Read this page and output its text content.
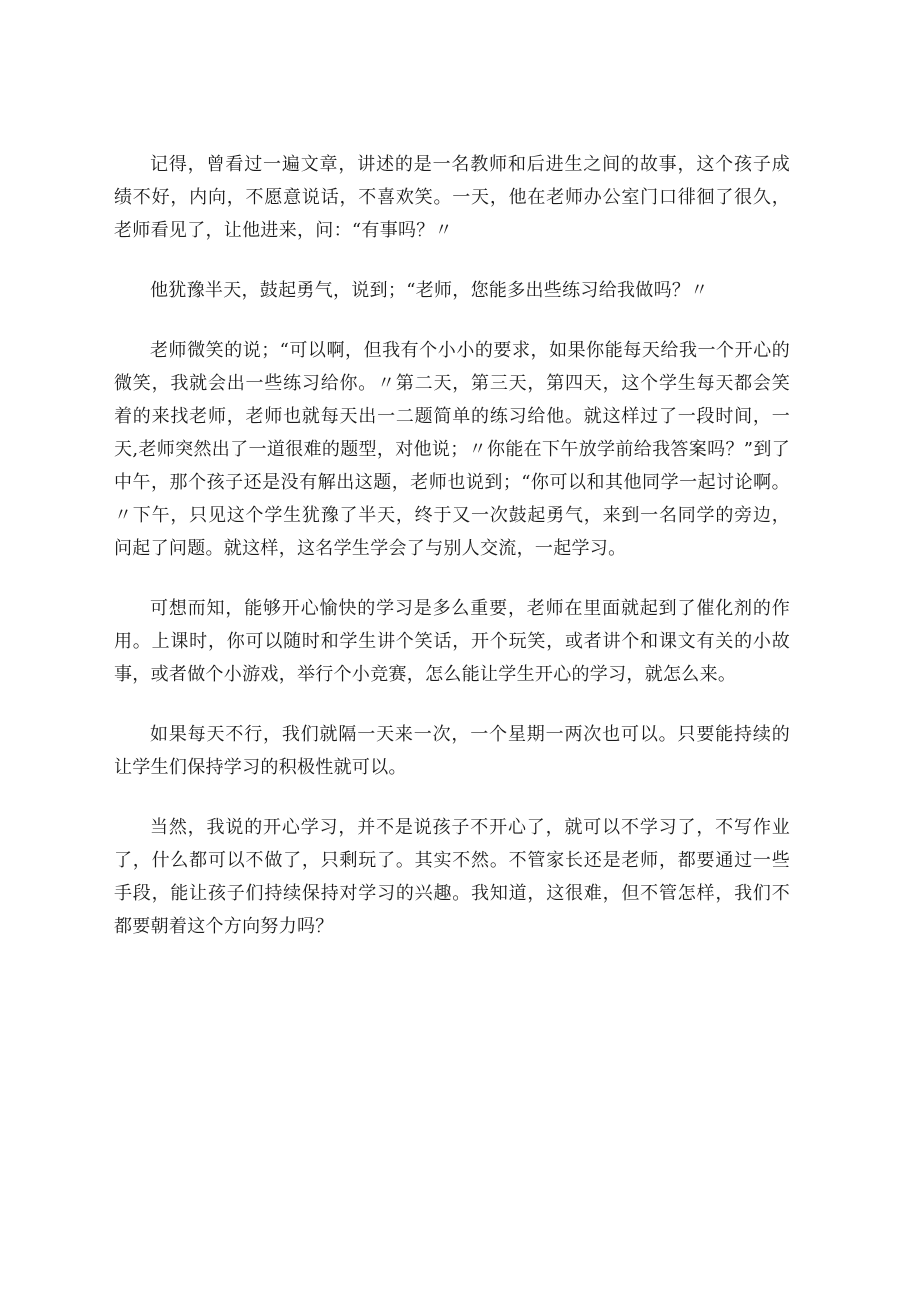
记得，曾看过一遍文章，讲述的是一名教师和后进生之间的故事，这个孩子成绩不好，内向，不愿意说话，不喜欢笑。一天，他在老师办公室门口徘徊了很久，老师看见了，让他进来，问：“有事吗？〃

他犹豫半天，鼓起勇气，说到；“老师，您能多出些练习给我做吗？〃

老师微笑的说；“可以啊，但我有个小小的要求，如果你能每天给我一个开心的微笑，我就会出一些练习给你。〃第二天，第三天，第四天，这个学生每天都会笑着的来找老师，老师也就每天出一二题简单的练习给他。就这样过了一段时间，一天,老师突然出了一道很难的题型，对他说；〃你能在下午放学前给我答案吗？”到了中午，那个孩子还是没有解出这题，老师也说到；“你可以和其他同学一起讨论啊。〃下午，只见这个学生犹豫了半天，终于又一次鼓起勇气，来到一名同学的旁边，问起了问题。就这样，这名学生学会了与别人交流，一起学习。

可想而知，能够开心愉快的学习是多么重要，老师在里面就起到了催化剂的作用。上课时，你可以随时和学生讲个笑话，开个玩笑，或者讲个和课文有关的小故事，或者做个小游戏，举行个小竞赛，怎么能让学生开心的学习，就怎么来。

如果每天不行，我们就隔一天来一次，一个星期一两次也可以。只要能持续的让学生们保持学习的积极性就可以。

当然，我说的开心学习，并不是说孩子不开心了，就可以不学习了，不写作业了，什么都可以不做了，只剩玩了。其实不然。不管家长还是老师，都要通过一些手段，能让孩子们持续保持对学习的兴趣。我知道，这很难，但不管怎样，我们不都要朝着这个方向努力吗？
